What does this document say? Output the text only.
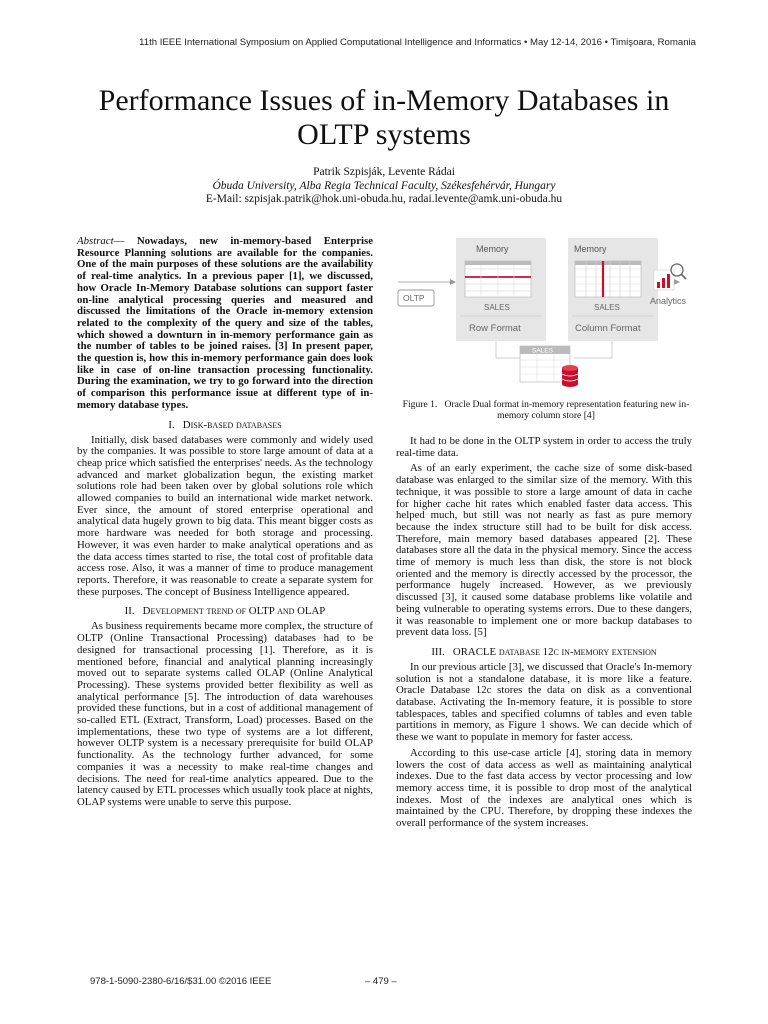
11th IEEE International Symposium on Applied Computational Intelligence and Informatics • May 12-14, 2016 • Timişoara, Romania
Performance Issues of in-Memory Databases in OLTP systems
Patrik Szpisják, Levente Rádai
Óbuda University, Alba Regia Technical Faculty, Székesfehérvár, Hungary
E-Mail: szpisjak.patrik@hok.uni-obuda.hu, radai.levente@amk.uni-obuda.hu

Abstract— Nowadays, new in-memory-based Enterprise Resource Planning solutions are available for the companies. One of the main purposes of these solutions are the availability of real-time analytics. In a previous paper [1], we discussed, how Oracle In-Memory Database solutions can support faster on-line analytical processing queries and measured and discussed the limitations of the Oracle in-memory extension related to the complexity of the query and size of the tables, which showed a downturn in in-memory performance gain as the number of tables to be joined raises. [3] In present paper, the question is, how this in-memory performance gain does look like in case of on-line transaction processing functionality. During the examination, we try to go forward into the direction of comparison this performance issue at different type of in-memory database types.

I. Disk-based databases

Initially, disk based databases were commonly and widely used by the companies. It was possible to store large amount of data at a cheap price which satisfied the enterprises' needs. As the technology advanced and market globalization begun, the existing market solutions role had been taken over by global solutions role which allowed companies to build an international wide market network. Ever since, the amount of stored enterprise operational and analytical data hugely grown to big data. This meant bigger costs as more hardware was needed for both storage and processing. However, it was even harder to make analytical operations and as the data access times started to rise, the total cost of profitable data access rose. Also, it was a manner of time to produce management reports. Therefore, it was reasonable to create a separate system for these purposes. The concept of Business Intelligence appeared.

II. Development trend of OLTP and OLAP

As business requirements became more complex, the structure of OLTP (Online Transactional Processing) databases had to be designed for transactional processing [1]. Therefore, as it is mentioned before, financial and analytical planning increasingly moved out to separate systems called OLAP (Online Analytical Processing). These systems provided better flexibility as well as analytical performance [5]. The introduction of data warehouses provided these functions, but in a cost of additional management of so-called ETL (Extract, Transform, Load) processes. Based on the implementations, these two type of systems are a lot different, however OLTP system is a necessary prerequisite for build OLAP functionality. As the technology further advanced, for some companies it was a necessity to make real-time changes and decisions. The need for real-time analytics appeared. Due to the latency caused by ETL processes which usually took place at nights, OLAP systems were unable to serve this purpose.

Memory	Memory
SALES
Row Format
SALES
Column Format
OLTP	Analytics
SALES
Figure 1. Oracle Dual format in-memory representation featuring new in-memory column store [4]

It had to be done in the OLTP system in order to access the truly real-time data.

As of an early experiment, the cache size of some disk-based database was enlarged to the similar size of the memory. With this technique, it was possible to store a large amount of data in cache for higher cache hit rates which enabled faster data access. This helped much, but still was not nearly as fast as pure memory because the index structure still had to be built for disk access. Therefore, main memory based databases appeared [2]. These databases store all the data in the physical memory. Since the access time of memory is much less than disk, the store is not block oriented and the memory is directly accessed by the processor, the performance hugely increased. However, as we previously discussed [3], it caused some database problems like volatile and being vulnerable to operating systems errors. Due to these dangers, it was reasonable to implement one or more backup databases to prevent data loss. [5]

III. ORACLE database 12c in-memory extension

In our previous article [3], we discussed that Oracle's In-memory solution is not a standalone database, it is more like a feature. Oracle Database 12c stores the data on disk as a conventional database. Activating the In-memory feature, it is possible to store tablespaces, tables and specified columns of tables and even table partitions in memory, as Figure 1 shows. We can decide which of these we want to populate in memory for faster access.

According to this use-case article [4], storing data in memory lowers the cost of data access as well as maintaining analytical indexes. Due to the fast data access by vector processing and low memory access time, it is possible to drop most of the analytical indexes. Most of the indexes are analytical ones which is maintained by the CPU. Therefore, by dropping these indexes the overall performance of the system increases.

978-1-5090-2380-6/16/$31.00 ©2016 IEEE	– 479 –
